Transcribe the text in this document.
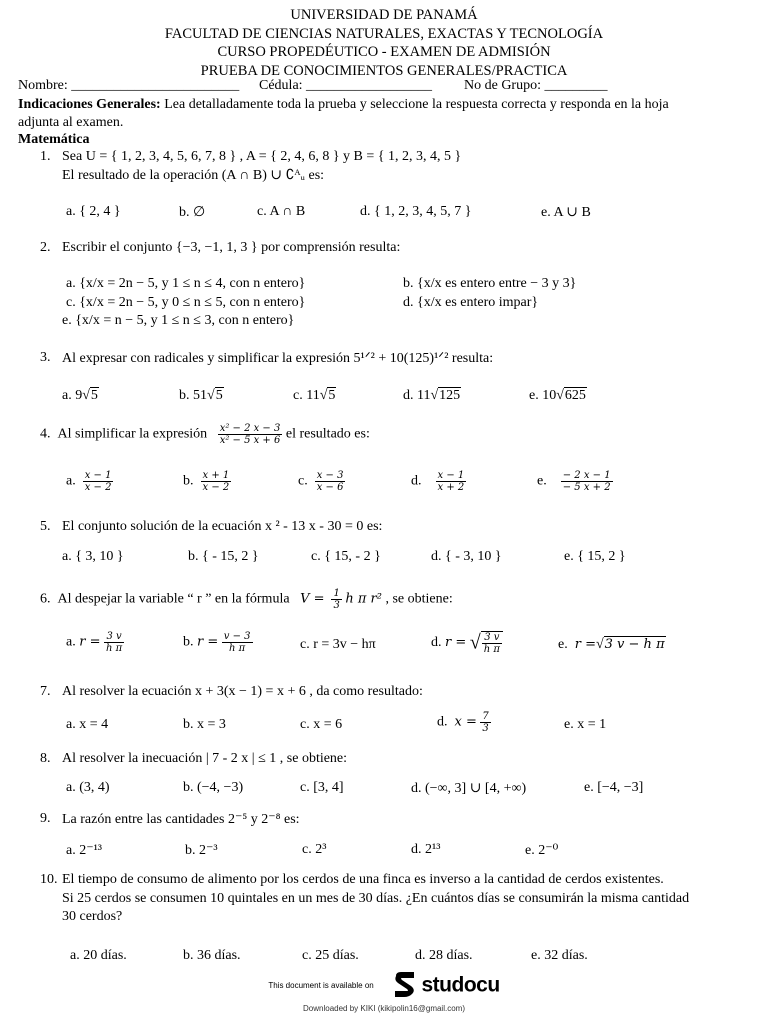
UNIVERSIDAD DE PANAMÁ
FACULTAD DE CIENCIAS NATURALES, EXACTAS Y TECNOLOGÍA
CURSO PROPEDÉUTICO - EXAMEN DE ADMISIÓN
PRUEBA DE CONOCIMIENTOS GENERALES/PRACTICA
Nombre: ________________________ Cédula: __________________ No de Grupo: _________
Indicaciones Generales: Lea detalladamente toda la prueba y seleccione la respuesta correcta y responda en la hoja
adjunta al examen.
Matemática
1. Sea U = { 1, 2, 3, 4, 5, 6, 7, 8 } , A = { 2, 4, 6, 8 } y B = { 1, 2, 3, 4, 5 }
El resultado de la operación (A ∩ B) ∪ ∁ᴬᵤ es:
a. { 2, 4 }	b. ∅	c. A ∩ B	d. { 1, 2, 3, 4, 5, 7 }	e. A ∪ B
2. Escribir el conjunto {−3, −1, 1, 3 } por comprensión resulta:
a. {x/x = 2n − 5, y 1 ≤ n ≤ 4, con n entero}	b. {x/x es entero entre − 3 y 3}
c. {x/x = 2n − 5, y 0 ≤ n ≤ 5, con n entero}	d. {x/x es entero impar}
e. {x/x = n − 5, y 1 ≤ n ≤ 3, con n entero}
3. Al expresar con radicales y simplificar la expresión 5¹ᐟ² + 10(125)¹ᐟ² resulta:
a. 9√5	b. 51√5	c. 11√5	d. 11√125	e. 10√625
4. Al simplificar la expresión $\frac{\text{x² − 2 x − 3}}{\text{x² − 5 x + 6}}$ el resultado es:
a. $\frac{x - 1}{x - 2}$	b. $\frac{x + 1}{x - 2}$	c. $\frac{x - 3}{x - 6}$	d. $\frac{x - 1}{x + 2}$	e. $\frac{- 2 x - 1}{- 5 x + 2}$
5. El conjunto solución de la ecuación x ² - 13 x - 30 = 0 es:
a. { 3, 10 }	b. { - 15, 2 }	c. { 15, - 2 }	d. { - 3, 10 }	e. { 15, 2 }
6. Al despejar la variable “ r ” en la fórmula $V = \frac{1}{3}$ h π r² , se obtiene:
a. $r = \frac{3 v}{\text{h π}}$	b. $r = \frac{v - 3}{\text{h π}}$	c. r = 3v − hπ	d. r = √ $\frac{3 v}{\text{h π}}$	e. r =√3 v − h π
7. Al resolver la ecuación x + 3(x − 1) = x + 6 , da como resultado:
a. x = 4	b. x = 3	c. x = 6	d. $x = \frac{7}{3}$	e. x = 1
8. Al resolver la inecuación | 7 - 2 x | ≤ 1 , se obtiene:
a. (3, 4)	b. (−4, −3)	c. [3, 4]	d. (−∞, 3] ∪ [4, +∞)	e. [−4, −3]
9. La razón entre las cantidades 2⁻⁵ y 2⁻⁸ es:
a. 2⁻¹³	b. 2⁻³	c. 2³	d. 2¹³	e. 2⁻⁰
10. El tiempo de consumo de alimento por los cerdos de una finca es inverso a la cantidad de cerdos existentes.
Si 25 cerdos se consumen 10 quintales en un mes de 30 días. ¿En cuántos días se consumirán la misma cantidad
30 cerdos?
a. 20 días.	b. 36 días.	c. 25 días.	d. 28 días.	e. 32 días.
This document is available on studocu
Downloaded by KIKI (kikipolin16@gmail.com)
